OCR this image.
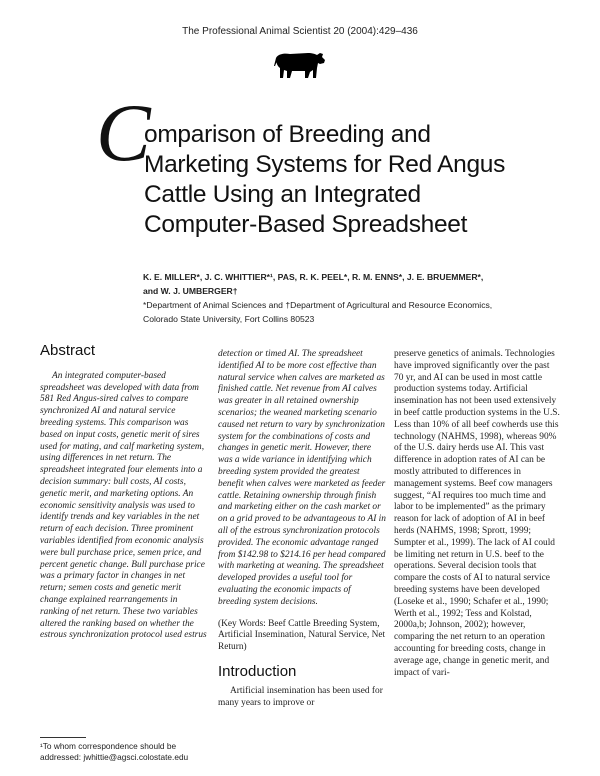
The Professional Animal Scientist 20 (2004):429–436
C
omparison of Breeding and
Marketing Systems for Red Angus
Cattle Using an Integrated
Computer-Based Spreadsheet
K. E. MILLER*, J. C. WHITTIER*¹, PAS, R. K. PEEL*, R. M. ENNS*, J. E. BRUEMMER*,
and W. J. UMBERGER†
*Department of Animal Sciences and †Department of Agricultural and Resource Economics,
Colorado State University, Fort Collins 80523
Abstract

An integrated computer-based spreadsheet was developed with data from 581 Red Angus-sired calves to compare synchronized AI and natural service breeding systems. This comparison was based on input costs, genetic merit of sires used for mating, and calf marketing system, using differences in net return. The spreadsheet integrated four elements into a decision summary: bull costs, AI costs, genetic merit, and marketing options. An economic sensitivity analysis was used to identify trends and key variables in the net return of each decision. Three prominent variables identified from economic analysis were bull purchase price, semen price, and percent genetic change. Bull purchase price was a primary factor in changes in net return; semen costs and genetic merit change explained rearrangements in ranking of net return. These two variables altered the ranking based on whether the estrous synchronization protocol used estrus

detection or timed AI. The spreadsheet identified AI to be more cost effective than natural service when calves are marketed as finished cattle. Net revenue from AI calves was greater in all retained ownership scenarios; the weaned marketing scenario caused net return to vary by synchronization system for the combinations of costs and changes in genetic merit. However, there was a wide variance in identifying which breeding system provided the greatest benefit when calves were marketed as feeder cattle. Retaining ownership through finish and marketing either on the cash market or on a grid proved to be advantageous to AI in all of the estrous synchronization protocols provided. The economic advantage ranged from $142.98 to $214.16 per head compared with marketing at weaning. The spreadsheet developed provides a useful tool for evaluating the economic impacts of breeding system decisions.

(Key Words: Beef Cattle Breeding System, Artificial Insemination, Natural Service, Net Return)

Introduction

Artificial insemination has been used for many years to improve or

preserve genetics of animals. Technologies have improved significantly over the past 70 yr, and AI can be used in most cattle production systems today. Artificial insemination has not been used extensively in beef cattle production systems in the U.S. Less than 10% of all beef cowherds use this technology (NAHMS, 1998), whereas 90% of the U.S. dairy herds use AI. This vast difference in adoption rates of AI can be mostly attributed to differences in management systems. Beef cow managers suggest, “AI requires too much time and labor to be implemented” as the primary reason for lack of adoption of AI in beef herds (NAHMS, 1998; Sprott, 1999; Sumpter et al., 1999). The lack of AI could be limiting net return in U.S. beef to the operations. Several decision tools that compare the costs of AI to natural service breeding systems have been developed (Loseke et al., 1990; Schafer et al., 1990; Werth et al., 1992; Tess and Kolstad, 2000a,b; Johnson, 2002); however, comparing the net return to an operation accounting for breeding costs, change in average age, change in genetic merit, and impact of vari-

¹To whom correspondence should be addressed: jwhittie@agsci.colostate.edu
